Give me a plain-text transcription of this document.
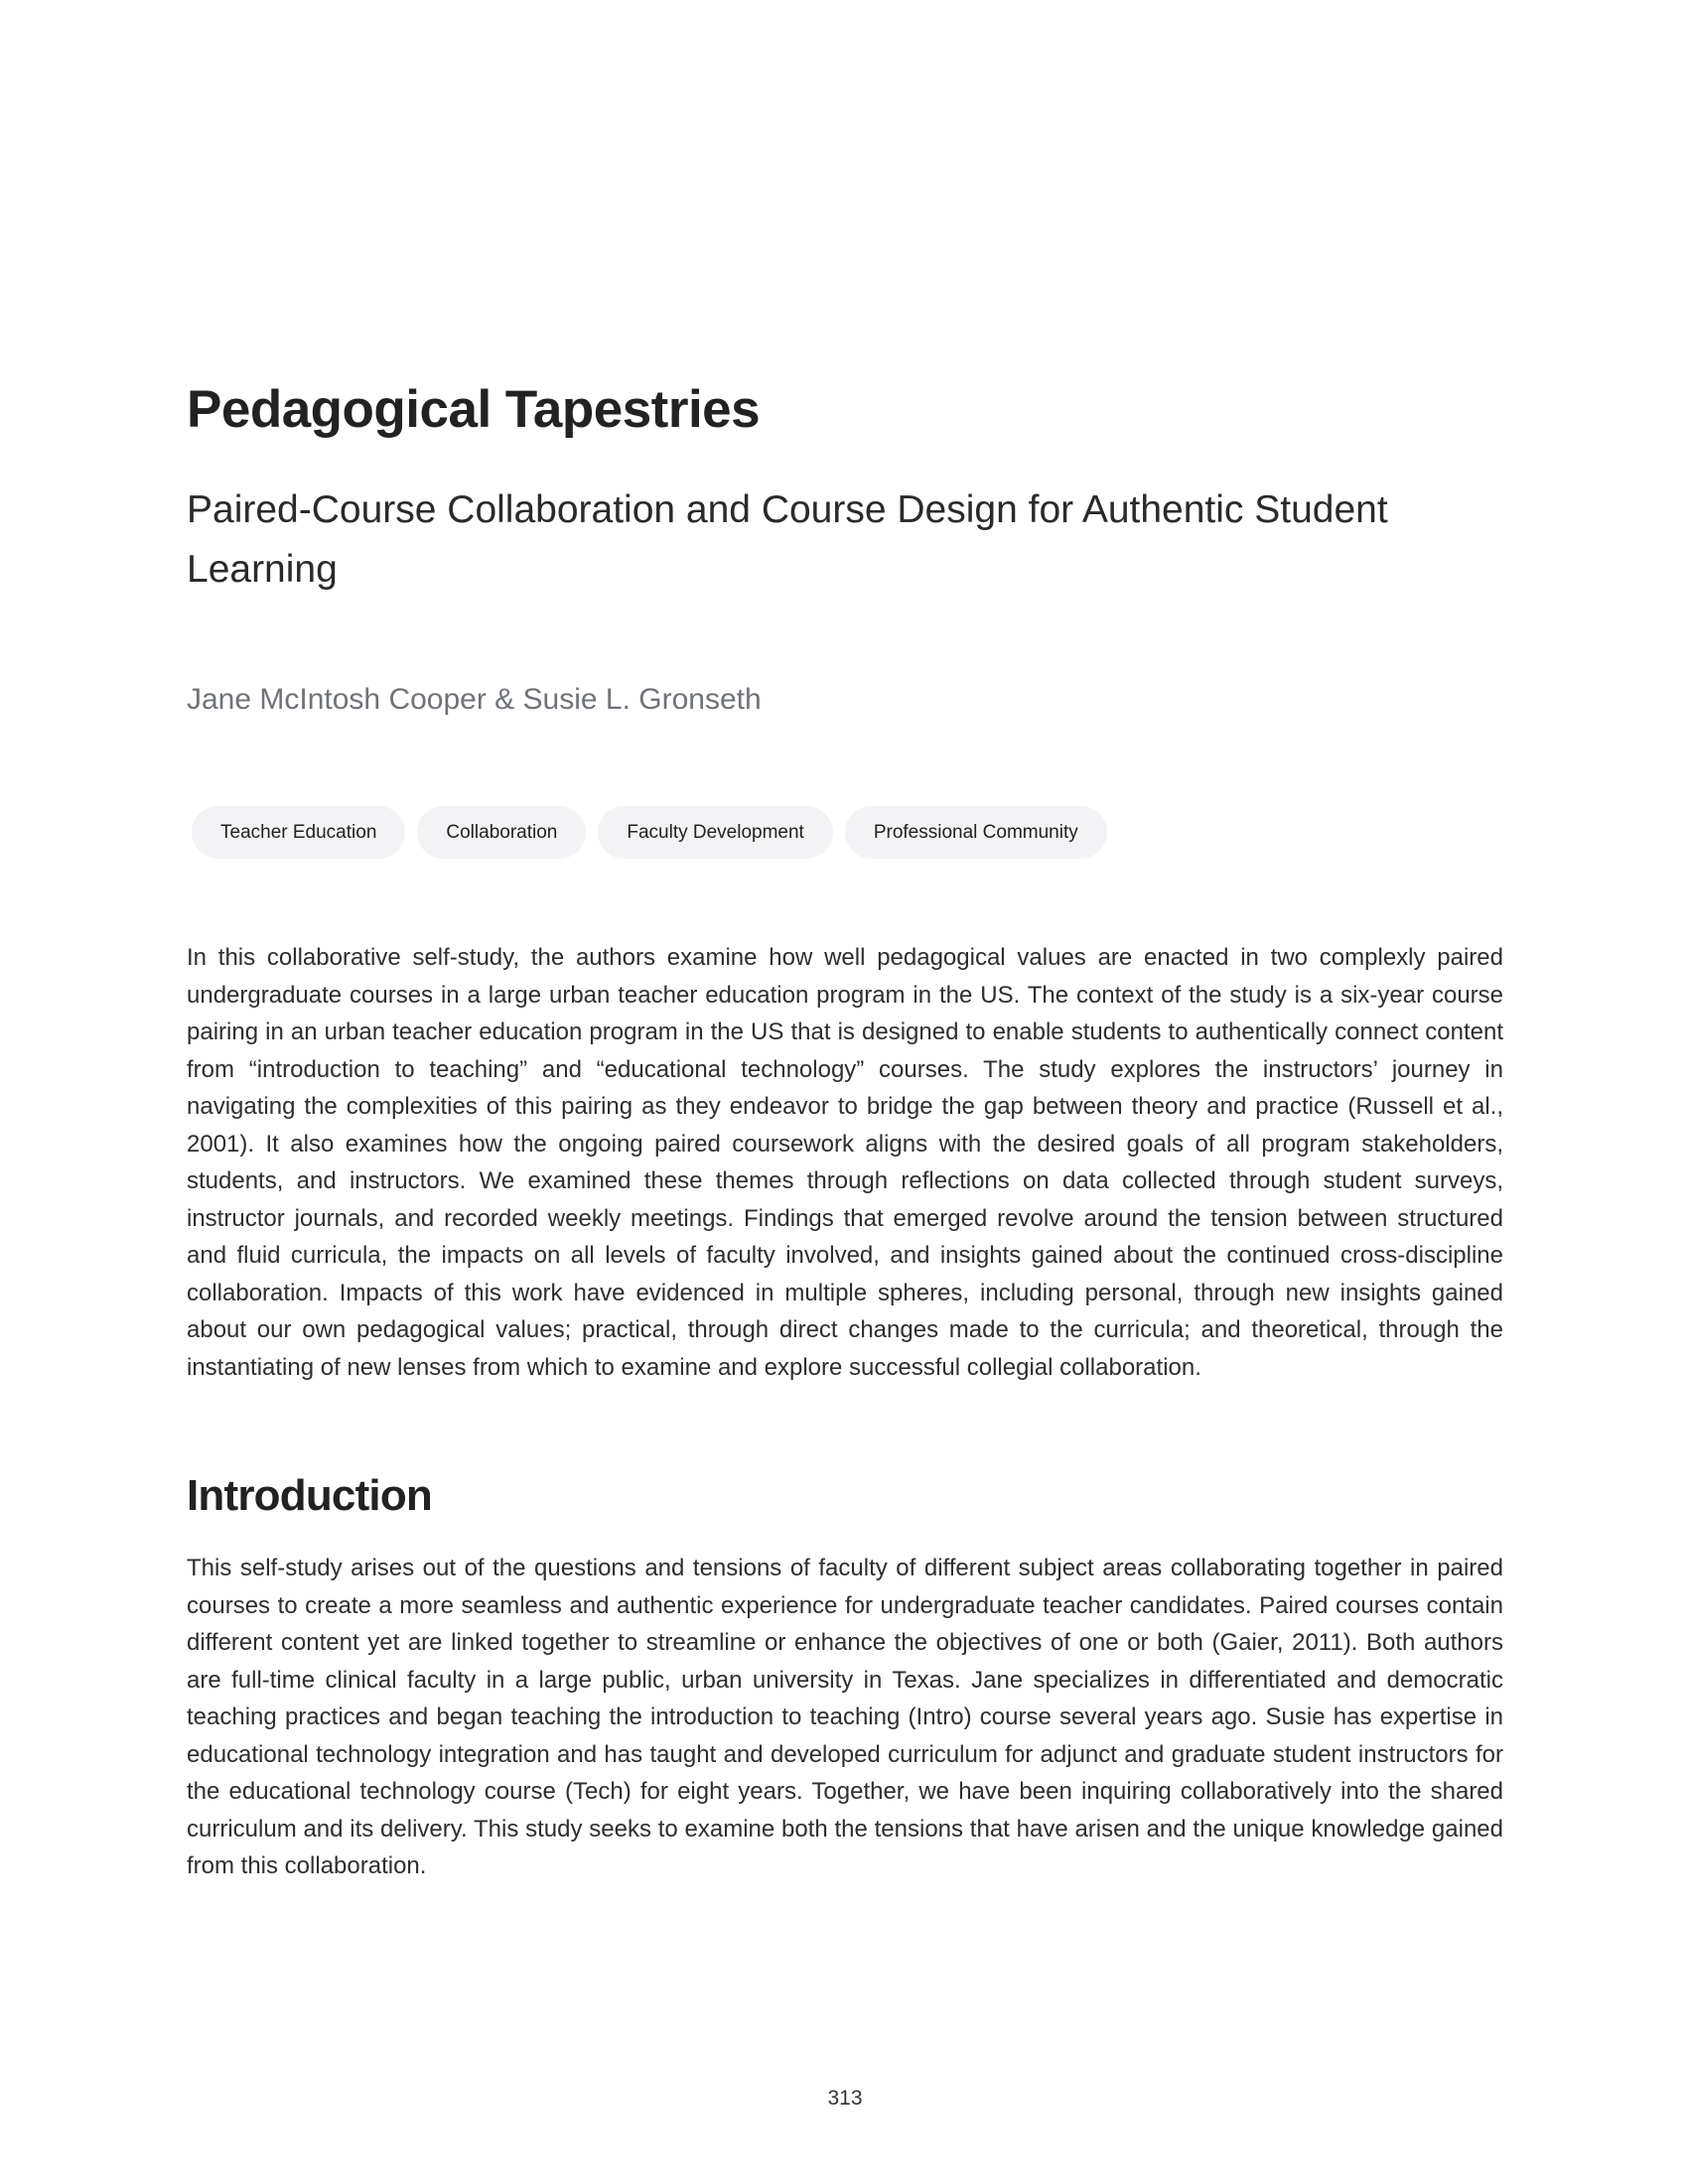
Pedagogical Tapestries
Paired-Course Collaboration and Course Design for Authentic Student Learning

Jane McIntosh Cooper & Susie L. Gronseth

Teacher Education	Collaboration	Faculty Development	Professional Community

In this collaborative self-study, the authors examine how well pedagogical values are enacted in two complexly paired undergraduate courses in a large urban teacher education program in the US. The context of the study is a six-year course pairing in an urban teacher education program in the US that is designed to enable students to authentically connect content from “introduction to teaching” and “educational technology” courses. The study explores the instructors’ journey in navigating the complexities of this pairing as they endeavor to bridge the gap between theory and practice (Russell et al., 2001). It also examines how the ongoing paired coursework aligns with the desired goals of all program stakeholders, students, and instructors. We examined these themes through reflections on data collected through student surveys, instructor journals, and recorded weekly meetings. Findings that emerged revolve around the tension between structured and fluid curricula, the impacts on all levels of faculty involved, and insights gained about the continued cross-discipline collaboration. Impacts of this work have evidenced in multiple spheres, including personal, through new insights gained about our own pedagogical values; practical, through direct changes made to the curricula; and theoretical, through the instantiating of new lenses from which to examine and explore successful collegial collaboration.

Introduction

This self-study arises out of the questions and tensions of faculty of different subject areas collaborating together in paired courses to create a more seamless and authentic experience for undergraduate teacher candidates. Paired courses contain different content yet are linked together to streamline or enhance the objectives of one or both (Gaier, 2011). Both authors are full-time clinical faculty in a large public, urban university in Texas. Jane specializes in differentiated and democratic teaching practices and began teaching the introduction to teaching (Intro) course several years ago. Susie has expertise in educational technology integration and has taught and developed curriculum for adjunct and graduate student instructors for the educational technology course (Tech) for eight years. Together, we have been inquiring collaboratively into the shared curriculum and its delivery. This study seeks to examine both the tensions that have arisen and the unique knowledge gained from this collaboration.

313
